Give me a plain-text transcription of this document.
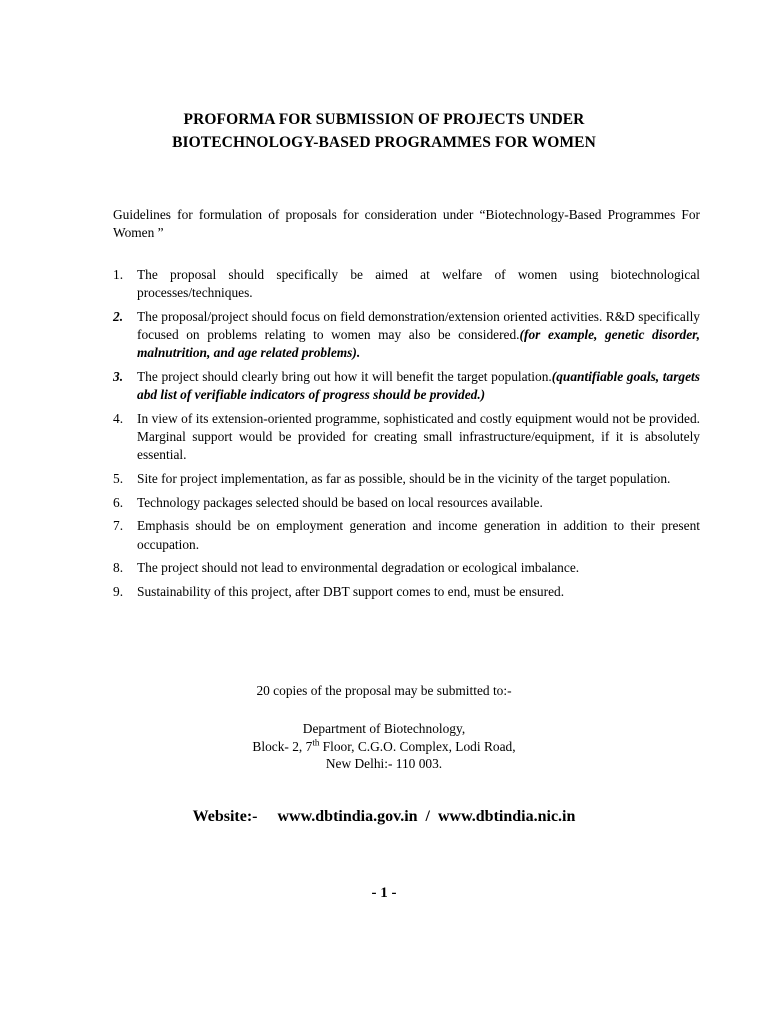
PROFORMA FOR SUBMISSION OF PROJECTS UNDER
BIOTECHNOLOGY-BASED PROGRAMMES FOR WOMEN
Guidelines for formulation of proposals for consideration under “Biotechnology-Based Programmes For Women ”
1.	The proposal should specifically be aimed at welfare of women using biotechnological processes/techniques.
2.	The proposal/project should focus on field demonstration/extension oriented activities. R&D specifically focused on problems relating to women may also be considered.(for example, genetic disorder, malnutrition, and age related problems).
3.	The project should clearly bring out how it will benefit the target population.(quantifiable goals, targets abd list of verifiable indicators of progress should be provided.)
4.	In view of its extension-oriented programme, sophisticated and costly equipment would not be provided. Marginal support would be provided for creating small infrastructure/equipment, if it is absolutely essential.
5.	Site for project implementation, as far as possible, should be in the vicinity of the target population.
6.	Technology packages selected should be based on local resources available.
7.	Emphasis should be on employment generation and income generation in addition to their present occupation.
8.	The project should not lead to environmental degradation or ecological imbalance.
9.	Sustainability of this project, after DBT support comes to end, must be ensured.
20 copies of the proposal may be submitted to:-
Department of Biotechnology,
Block- 2, 7th Floor, C.G.O. Complex, Lodi Road,
New Delhi:- 110 003.
Website:- www.dbtindia.gov.in / www.dbtindia.nic.in
- 1 -
